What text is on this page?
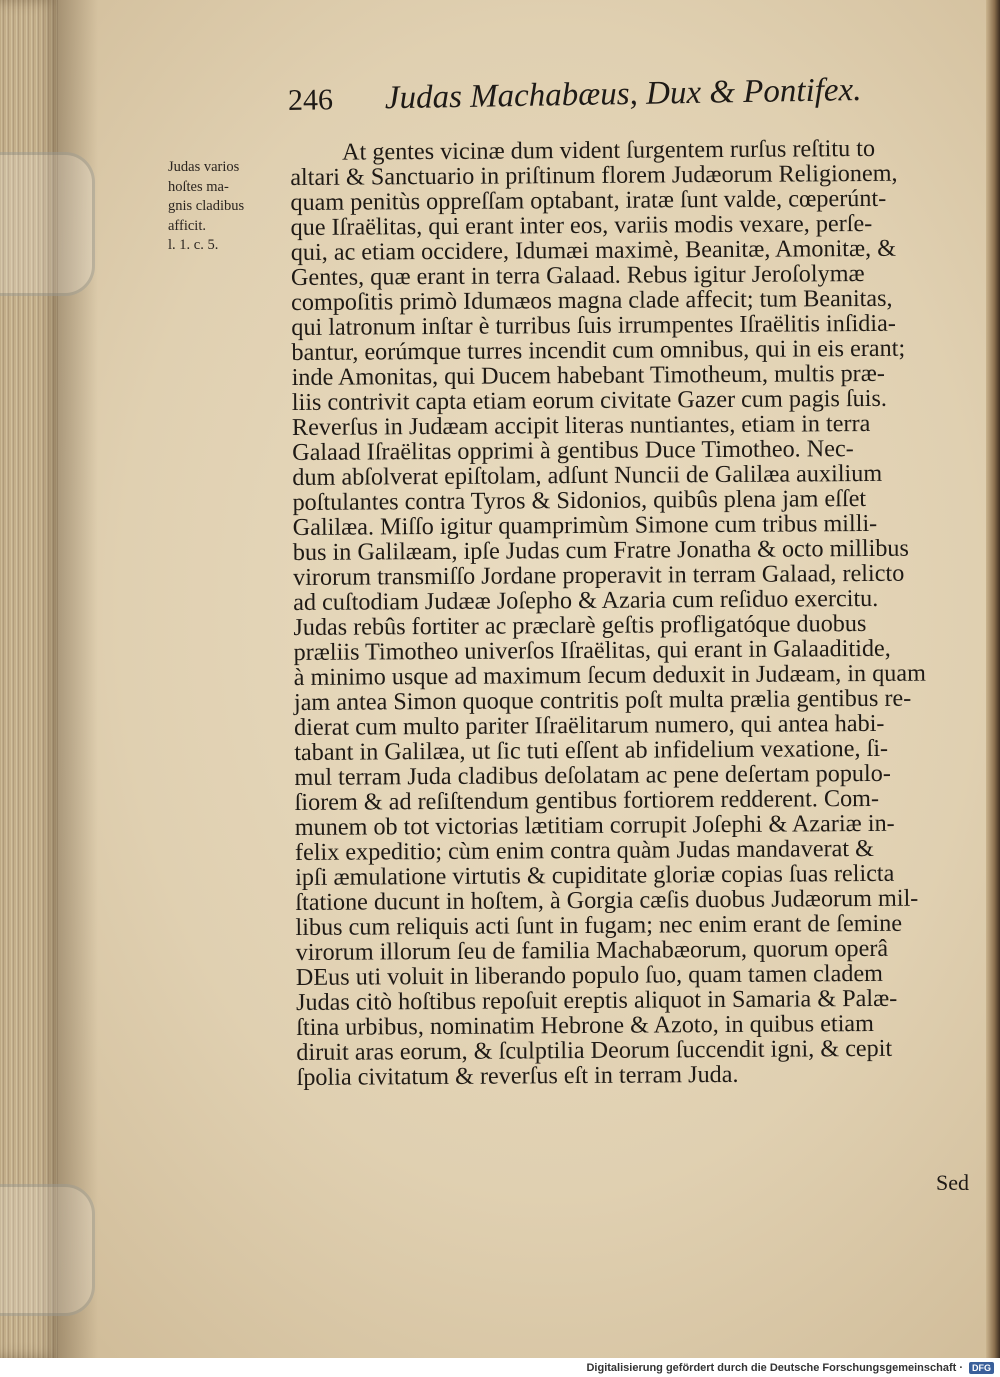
246 Judas Machabæus, Dux & Pontifex.
Judas varios
hoſtes ma-
gnis cladibus
afficit.
l. 1. c. 5.
At gentes vicinæ dum vident ſurgentem rurſus reſtitu to
altari & Sanctuario in priſtinum florem Judæorum Religionem,
quam penitùs oppreſſam optabant, iratæ ſunt valde, cœperúnt-
que Iſraëlitas, qui erant inter eos, variis modis vexare, perſe-
qui, ac etiam occidere, Idumæi maximè, Beanitæ, Amonitæ, &
Gentes, quæ erant in terra Galaad. Rebus igitur Jeroſolymæ
compoſitis primò Idumæos magna clade affecit; tum Beanitas,
qui latronum inſtar è turribus ſuis irrumpentes Iſraëlitis inſidia-
bantur, eorúmque turres incendit cum omnibus, qui in eis erant;
inde Amonitas, qui Ducem habebant Timotheum, multis præ-
liis contrivit capta etiam eorum civitate Gazer cum pagis ſuis.
Reverſus in Judæam accipit literas nuntiantes, etiam in terra
Galaad Iſraëlitas opprimi à gentibus Duce Timotheo. Nec-
dum abſolverat epiſtolam, adſunt Nuncii de Galilæa auxilium
poſtulantes contra Tyros & Sidonios, quibûs plena jam eſſet
Galilæa. Miſſo igitur quamprimùm Simone cum tribus milli-
bus in Galilæam, ipſe Judas cum Fratre Jonatha & octo millibus
virorum transmiſſo Jordane properavit in terram Galaad, relicto
ad cuſtodiam Judææ Joſepho & Azaria cum reſiduo exercitu.
Judas rebûs fortiter ac præclarè geſtis profligatóque duobus
præliis Timotheo univerſos Iſraëlitas, qui erant in Galaaditide,
à minimo usque ad maximum ſecum deduxit in Judæam, in quam
jam antea Simon quoque contritis poſt multa prælia gentibus re-
dierat cum multo pariter Iſraëlitarum numero, qui antea habi-
tabant in Galilæa, ut ſic tuti eſſent ab infidelium vexatione, ſi-
mul terram Juda cladibus deſolatam ac pene deſertam populo-
ſiorem & ad reſiſtendum gentibus fortiorem redderent. Com-
munem ob tot victorias lætitiam corrupit Joſephi & Azariæ in-
felix expeditio; cùm enim contra quàm Judas mandaverat &
ipſi æmulatione virtutis & cupiditate gloriæ copias ſuas relicta
ſtatione ducunt in hoſtem, à Gorgia cæſis duobus Judæorum mil-
libus cum reliquis acti ſunt in fugam; nec enim erant de ſemine
virorum illorum ſeu de familia Machabæorum, quorum operâ
DEus uti voluit in liberando populo ſuo, quam tamen cladem
Judas citò hoſtibus repoſuit ereptis aliquot in Samaria & Palæ-
ſtina urbibus, nominatim Hebrone & Azoto, in quibus etiam
diruit aras eorum, & ſculptilia Deorum ſuccendit igni, & cepit
ſpolia civitatum & reverſus eſt in terram Juda.
Sed
Digitalisierung gefördert durch die Deutsche Forschungsgemeinschaft ·	DFG
